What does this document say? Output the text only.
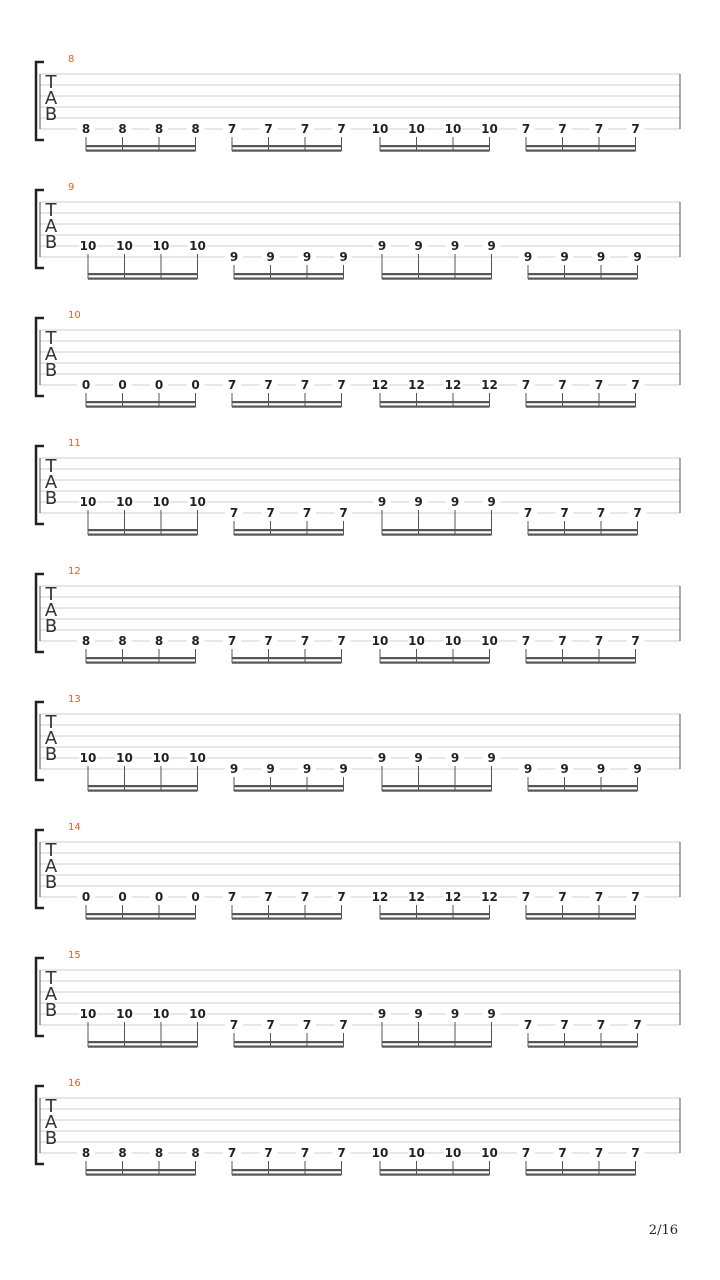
8
T
A
B
8 8 8 8 7 7 7 7 10 10 10 10 7 7 7 7
9
T
A
B 10 10 10 10
9 9 9 9
9 9 9 9
9 9 9 9
10
T
A
B
0 0 0 0 7 7 7 7 12 12 12 12 7 7 7 7
11
T
A
B 10 10 10 10
7 7 7 7
9 9 9 9
7 7 7 7
12
T
A
B
8 8 8 8 7 7 7 7 10 10 10 10 7 7 7 7
13
T
A
B 10 10 10 10
9 9 9 9
9 9 9 9
9 9 9 9
14
T
A
B
0 0 0 0 7 7 7 7 12 12 12 12 7 7 7 7
15
T
A
B 10 10 10 10
7 7 7 7
9 9 9 9
7 7 7 7
16
T
A
B
8 8 8 8 7 7 7 7 10 10 10 10 7 7 7 7
2/16
